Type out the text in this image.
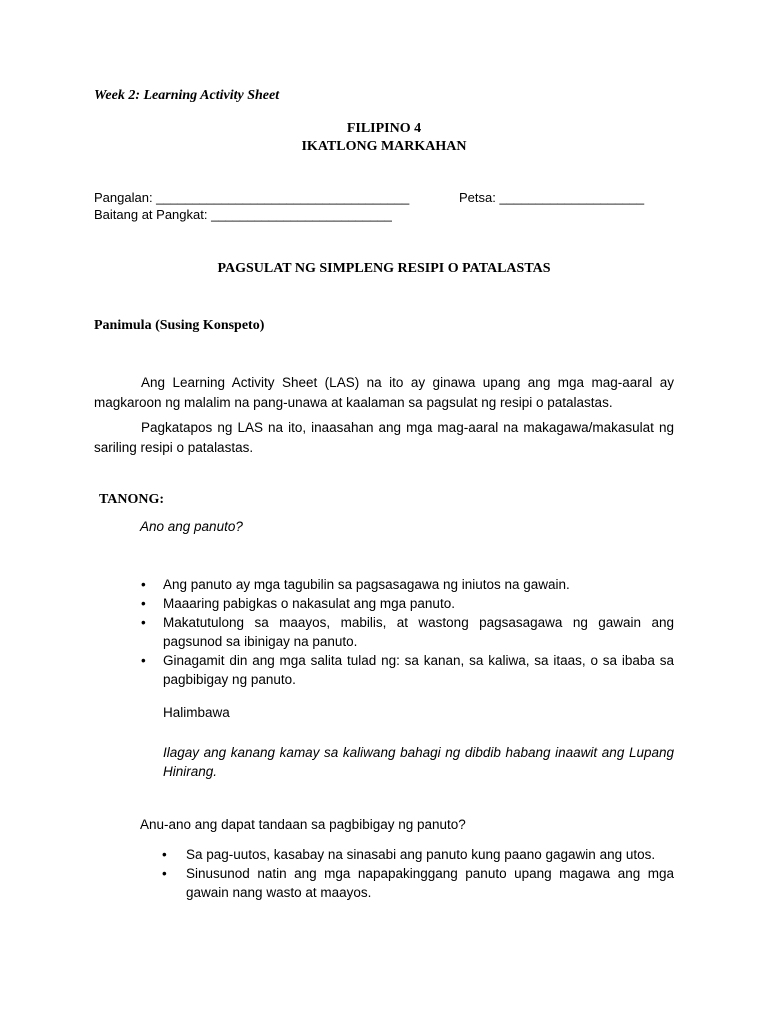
Week 2: Learning Activity Sheet
FILIPINO 4
IKATLONG MARKAHAN
Pangalan: ___________________________________	Petsa: ____________________
Baitang at Pangkat: _________________________
PAGSULAT NG SIMPLENG RESIPI O PATALASTAS
Panimula (Susing Konspeto)

Ang Learning Activity Sheet (LAS) na ito ay ginawa upang ang mga mag-aaral ay magkaroon ng malalim na pang-unawa at kaalaman sa pagsulat ng resipi o patalastas.

Pagkatapos ng LAS na ito, inaasahan ang mga mag-aaral na makagawa/makasulat ng sariling resipi o patalastas.

TANONG:
Ano ang panuto?
• Ang panuto ay mga tagubilin sa pagsasagawa ng iniutos na gawain.
• Maaaring pabigkas o nakasulat ang mga panuto.
• Makatutulong sa maayos, mabilis, at wastong pagsasagawa ng gawain ang pagsunod sa ibinigay na panuto.
• Ginagamit din ang mga salita tulad ng: sa kanan, sa kaliwa, sa itaas, o sa ibaba sa pagbibigay ng panuto.
Halimbawa
Ilagay ang kanang kamay sa kaliwang bahagi ng dibdib habang inaawit ang Lupang Hinirang.
Anu-ano ang dapat tandaan sa pagbibigay ng panuto?
• Sa pag-uutos, kasabay na sinasabi ang panuto kung paano gagawin ang utos.
• Sinusunod natin ang mga napapakinggang panuto upang magawa ang mga gawain nang wasto at maayos.
